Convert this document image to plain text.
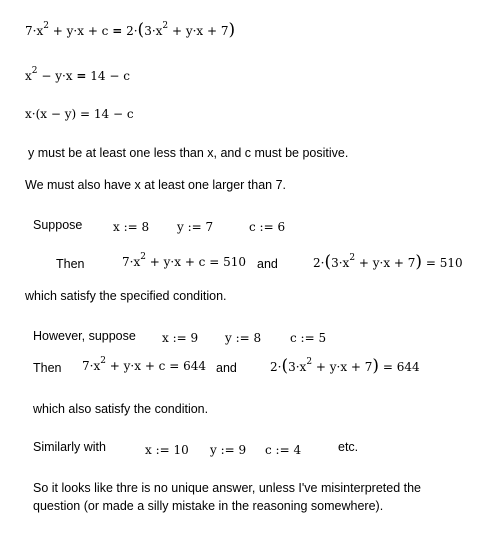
$7\cdot x^2 + y\cdot x + c = 2\cdot(3\cdot x^2 + y\cdot x + 7)$
$x^2 - y\cdot x = 14 - c$
x·(x − y) = 14 − c
y must be at least one less than x, and c must be positive.
We must also have x at least one larger than 7.
Suppose	x := 8 y := 7	c := 6
Then	$7\cdot x^2 + y\cdot x + c = 510$ and	$2\cdot(3\cdot x^2 + y\cdot x + 7) = 510$
which satisfy the specified condition.
However, suppose x := 9 y := 8 c := 5
Then $7\cdot x^2 + y\cdot x + c = 644$ and	$2\cdot(3\cdot x^2 + y\cdot x + 7) = 644$
which also satisfy the condition.
Similarly with	x := 10 y := 9 c := 4	etc.
So it looks like thre is no unique answer, unless I've misinterpreted the question (or made a silly mistake in the reasoning somewhere).
